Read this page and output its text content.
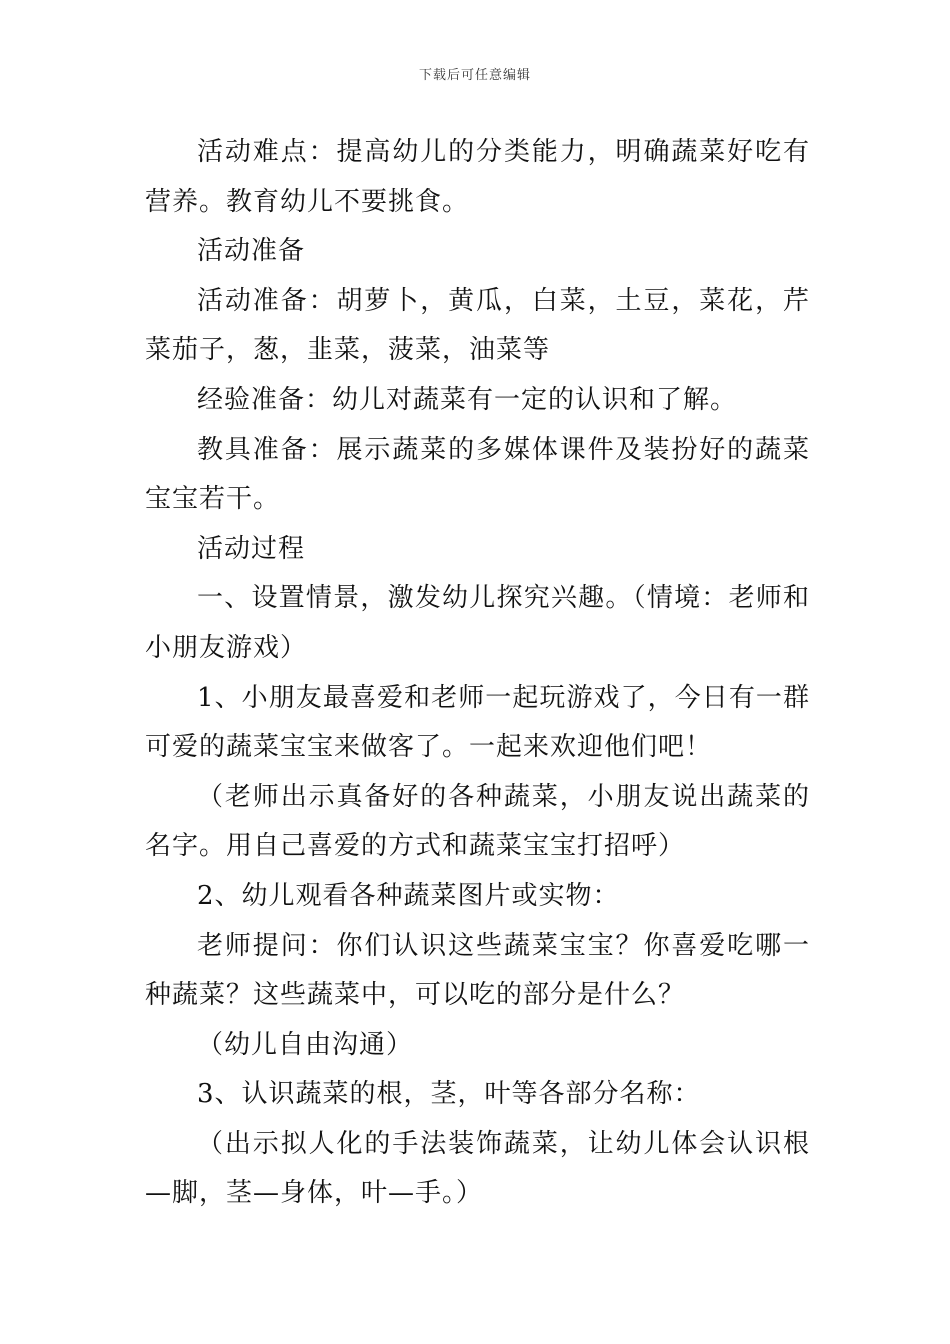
下载后可任意编辑

活动难点：提高幼儿的分类能力，明确蔬菜好吃有营养。教育幼儿不要挑食。

活动准备

活动准备：胡萝卜，黄瓜，白菜，土豆，菜花，芹菜茄子，葱，韭菜，菠菜，油菜等

经验准备：幼儿对蔬菜有一定的认识和了解。

教具准备：展示蔬菜的多媒体课件及装扮好的蔬菜宝宝若干。

活动过程

一、设置情景，激发幼儿探究兴趣。（情境：老师和小朋友游戏）

1、小朋友最喜爱和老师一起玩游戏了，今日有一群可爱的蔬菜宝宝来做客了。一起来欢迎他们吧！

（老师出示真备好的各种蔬菜，小朋友说出蔬菜的名字。用自己喜爱的方式和蔬菜宝宝打招呼）

2、幼儿观看各种蔬菜图片或实物：

老师提问：你们认识这些蔬菜宝宝？你喜爱吃哪一种蔬菜？这些蔬菜中，可以吃的部分是什么？

（幼儿自由沟通）

3、认识蔬菜的根，茎，叶等各部分名称：

（出示拟人化的手法装饰蔬菜，让幼儿体会认识根—脚，茎—身体，叶—手。）
